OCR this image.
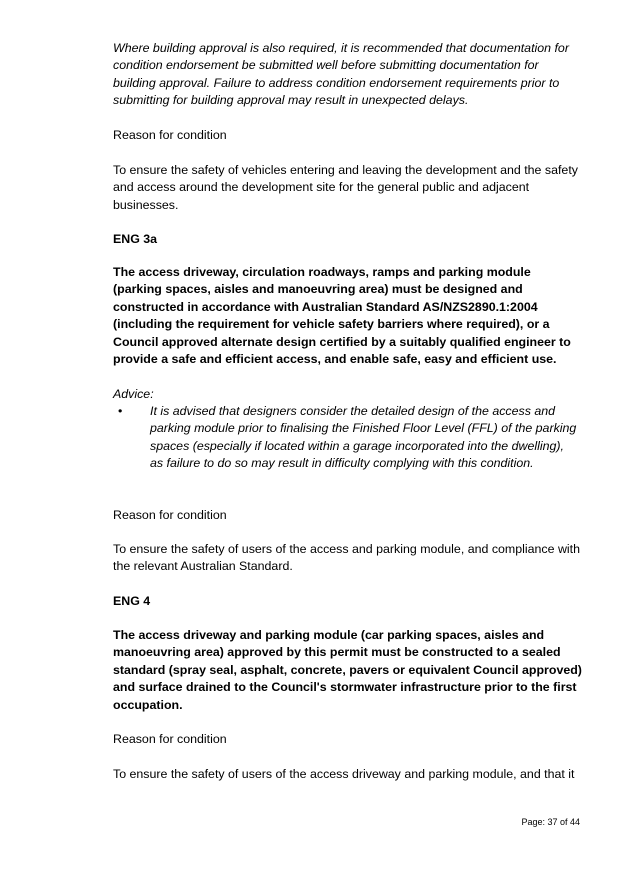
Where building approval is also required, it is recommended that documentation for condition endorsement be submitted well before submitting documentation for building approval. Failure to address condition endorsement requirements prior to submitting for building approval may result in unexpected delays.

Reason for condition

To ensure the safety of vehicles entering and leaving the development and the safety and access around the development site for the general public and adjacent businesses.

ENG 3a

The access driveway, circulation roadways, ramps and parking module (parking spaces, aisles and manoeuvring area) must be designed and constructed in accordance with Australian Standard AS/NZS2890.1:2004 (including the requirement for vehicle safety barriers where required), or a Council approved alternate design certified by a suitably qualified engineer to provide a safe and efficient access, and enable safe, easy and efficient use.

Advice:

• It is advised that designers consider the detailed design of the access and parking module prior to finalising the Finished Floor Level (FFL) of the parking spaces (especially if located within a garage incorporated into the dwelling), as failure to do so may result in difficulty complying with this condition.

Reason for condition

To ensure the safety of users of the access and parking module, and compliance with the relevant Australian Standard.

ENG 4

The access driveway and parking module (car parking spaces, aisles and manoeuvring area) approved by this permit must be constructed to a sealed standard (spray seal, asphalt, concrete, pavers or equivalent Council approved) and surface drained to the Council's stormwater infrastructure prior to the first occupation.

Reason for condition

To ensure the safety of users of the access driveway and parking module, and that it

Page: 37 of 44
